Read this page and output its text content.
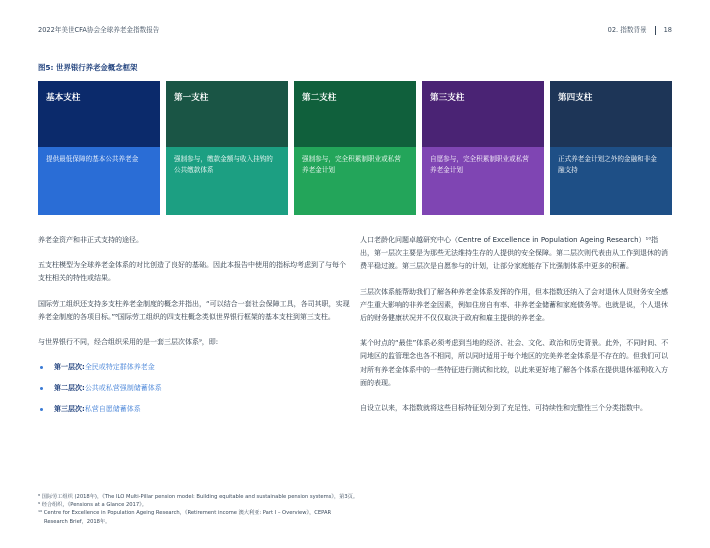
2022年美世CFA协会全球养老金指数报告	02. 指数背景	18
图5: 世界银行养老金概念框架
基本支柱
提供最低保障的基本公共养老金
第一支柱
强制参与，缴款金额与收入挂钩的公共缴款体系
第二支柱
强制参与，完全积累制职业或私营养老金计划
第三支柱
自愿参与，完全积累制职业或私营养老金计划
第四支柱
正式养老金计划之外的金融和非金融支持

养老金资产和非正式支持的途径。

五支柱模型为全球养老金体系的对比创造了良好的基础。因此本报告中使用的指标均考虑到了与每个支柱相关的特性或结果。

国际劳工组织还支持多支柱养老金制度的概念并指出，“可以结合一套社会保障工具，各司其职，实现养老金制度的各项目标。”⁸国际劳工组织的四支柱概念类似世界银行框架的基本支柱到第三支柱。

与世界银行不同，经合组织采用的是一套三层次体系⁹，即:

第一层次:全民或特定群体养老金
第二层次:公共或私营强制储蓄体系
第三层次:私营自愿储蓄体系

人口老龄化问题卓越研究中心（Centre of Excellence in Population Ageing Research）¹⁰指出，第一层次主要是为那些无法维持生存的人提供的安全保障。第二层次则代表由从工作到退休的消费平稳过渡。第三层次是自愿参与的计划，让部分家庭能存下比强制体系中更多的积蓄。

三层次体系能帮助我们了解各种养老金体系发挥的作用，但本指数还纳入了会对退休人员财务安全感产生重大影响的非养老金因素，例如住房自有率、非养老金储蓄和家庭债务等。也就是说，个人退休后的财务健康状况并不仅仅取决于政府和雇主提供的养老金。

某个时点的“最佳”体系必须考虑到当地的经济、社会、文化、政治和历史背景。此外，不同时间、不同地区的监管理念也各不相同，所以同时适用于每个地区的完美养老金体系是不存在的。但我们可以对所有养老金体系中的一些特征进行测试和比较，以此来更好地了解各个体系在提供退休福利收入方面的表现。

自设立以来，本指数就将这些目标特征划分到了充足性、可持续性和完整性三个分类指数中。

⁸ 国际劳工组织 (2018年)，《The ILO Multi-Pillar pension model: Building equitable and sustainable pension systems》，第3页。
⁹ 经合组织，《Pensions at a Glance 2017》。
¹⁰ Centre for Excellence in Population Ageing Research，《Retirement income 澳大利亚: Part I – Overview》，CEPAR
Research Brief，2018年。
